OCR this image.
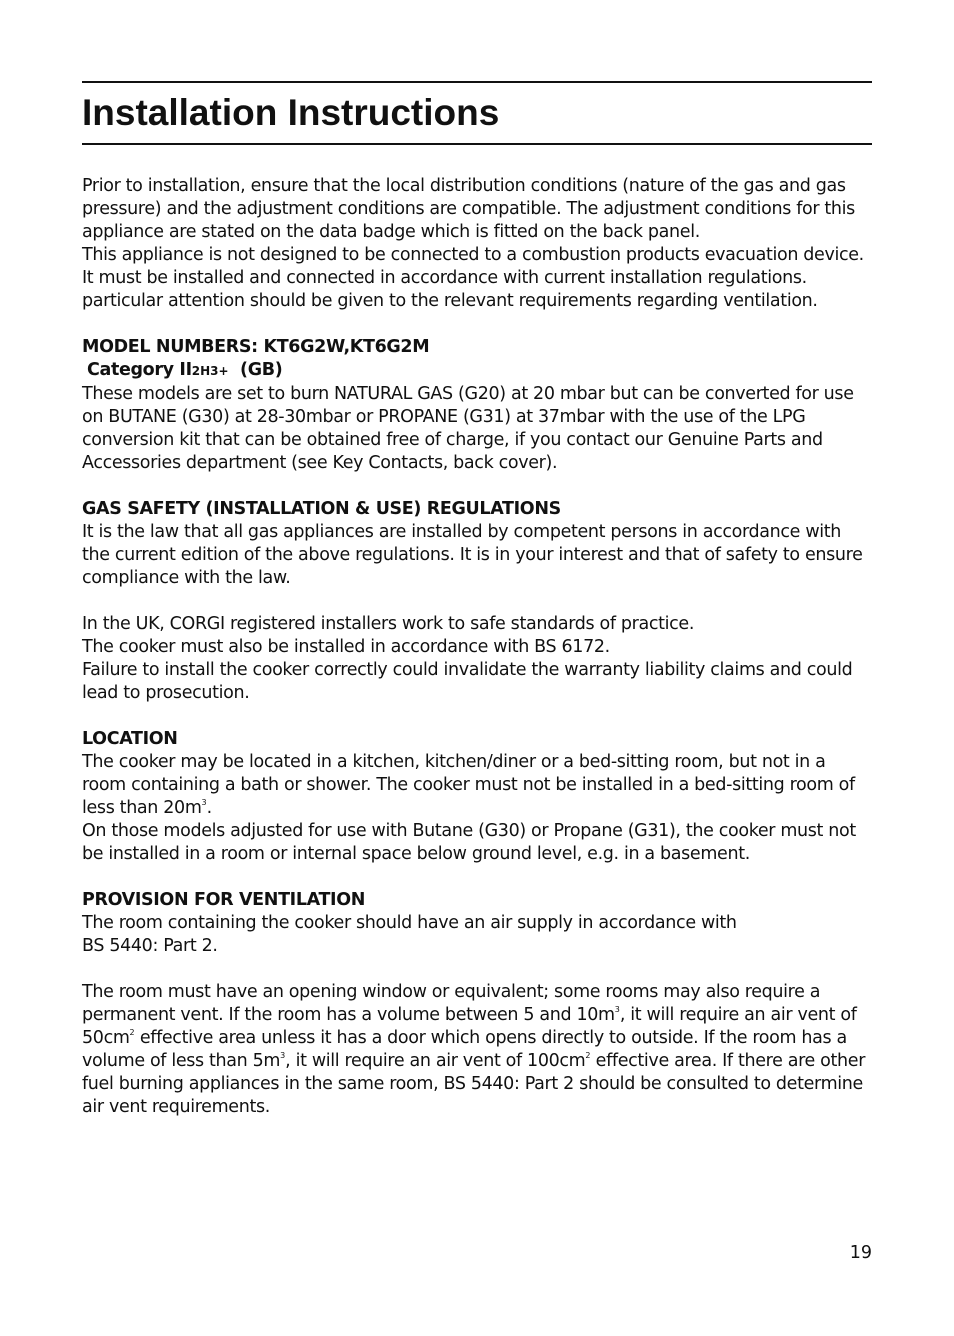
Installation Instructions

Prior to installation, ensure that the local distribution conditions (nature of the gas and gas pressure) and the adjustment conditions are compatible. The adjustment conditions for this appliance are stated on the data badge which is fitted on the back panel.

This appliance is not designed to be connected to a combustion products evacuation device. It must be installed and connected in accordance with current installation regulations. particular attention should be given to the relevant requirements regarding ventilation.

MODEL NUMBERS: KT6G2W,KT6G2M

Category II2H3+ (GB)

These models are set to burn NATURAL GAS (G20) at 20 mbar but can be converted for use on BUTANE (G30) at 28-30mbar or PROPANE (G31) at 37mbar with the use of the LPG conversion kit that can be obtained free of charge, if you contact our Genuine Parts and Accessories department (see Key Contacts, back cover).

GAS SAFETY (INSTALLATION & USE) REGULATIONS

It is the law that all gas appliances are installed by competent persons in accordance with the current edition of the above regulations. It is in your interest and that of safety to ensure compliance with the law.

In the UK, CORGI registered installers work to safe standards of practice.

The cooker must also be installed in accordance with BS 6172.

Failure to install the cooker correctly could invalidate the warranty liability claims and could lead to prosecution.

LOCATION

The cooker may be located in a kitchen, kitchen/diner or a bed-sitting room, but not in a room containing a bath or shower. The cooker must not be installed in a bed-sitting room of less than $20m^3$.

On those models adjusted for use with Butane (G30) or Propane (G31), the cooker must not be installed in a room or internal space below ground level, e.g. in a basement.

PROVISION FOR VENTILATION

The room containing the cooker should have an air supply in accordance with
BS 5440: Part 2.

The room must have an opening window or equivalent; some rooms may also require a permanent vent. If the room has a volume between 5 and $10m^3$, it will require an air vent of $50cm^2$ effective area unless it has a door which opens directly to outside. If the room has a volume of less than $5m^3$, it will require an air vent of $100cm^2$ effective area. If there are other fuel burning appliances in the same room, BS 5440: Part 2 should be consulted to determine air vent requirements.

19
